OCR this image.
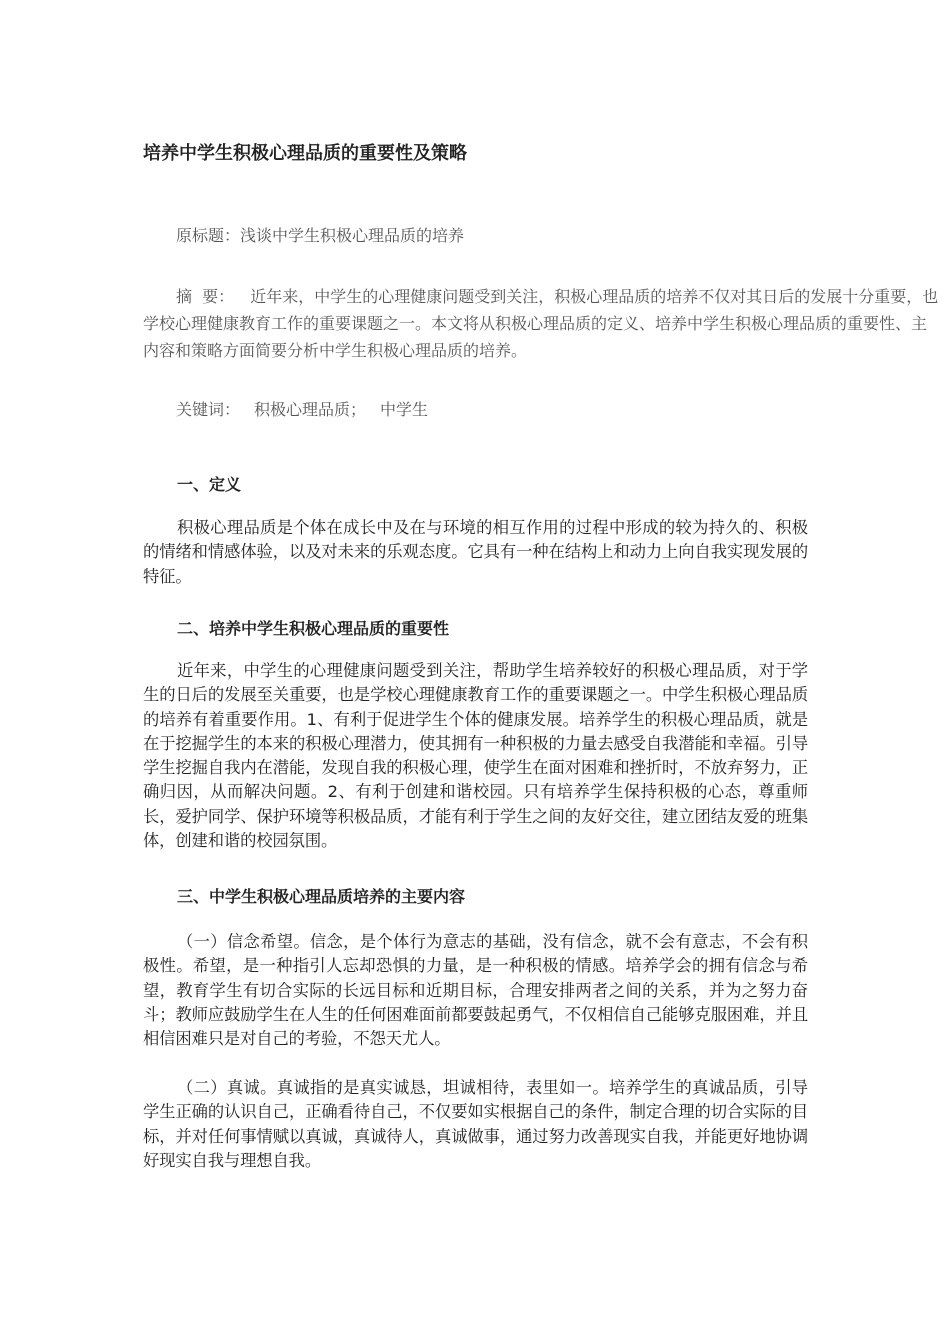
培养中学生积极心理品质的重要性及策略
原标题：浅谈中学生积极心理品质的培养
摘  要： 近年来，中学生的心理健康问题受到关注，积极心理品质的培养不仅对其日后的发展十分重要，也
学校心理健康教育工作的重要课题之一。本文将从积极心理品质的定义、培养中学生积极心理品质的重要性、主
内容和策略方面简要分析中学生积极心理品质的培养。
关键词： 积极心理品质； 中学生
一、定义

积极心理品质是个体在成长中及在与环境的相互作用的过程中形成的较为持久的、积极的情绪和情感体验，以及对未来的乐观态度。它具有一种在结构上和动力上向自我实现发展的特征。

二、培养中学生积极心理品质的重要性

近年来，中学生的心理健康问题受到关注，帮助学生培养较好的积极心理品质，对于学生的日后的发展至关重要，也是学校心理健康教育工作的重要课题之一。中学生积极心理品质的培养有着重要作用。1、有利于促进学生个体的健康发展。培养学生的积极心理品质，就是在于挖掘学生的本来的积极心理潜力，使其拥有一种积极的力量去感受自我潜能和幸福。引导学生挖掘自我内在潜能，发现自我的积极心理，使学生在面对困难和挫折时，不放弃努力，正确归因，从而解决问题。2、有利于创建和谐校园。只有培养学生保持积极的心态，尊重师长，爱护同学、保护环境等积极品质，才能有利于学生之间的友好交往，建立团结友爱的班集体，创建和谐的校园氛围。

三、中学生积极心理品质培养的主要内容

（一）信念希望。信念，是个体行为意志的基础，没有信念，就不会有意志，不会有积极性。希望，是一种指引人忘却恐惧的力量，是一种积极的情感。培养学会的拥有信念与希望，教育学生有切合实际的长远目标和近期目标，合理安排两者之间的关系，并为之努力奋斗；教师应鼓励学生在人生的任何困难面前都要鼓起勇气，不仅相信自己能够克服困难，并且相信困难只是对自己的考验，不怨天尤人。

（二）真诚。真诚指的是真实诚恳，坦诚相待，表里如一。培养学生的真诚品质，引导学生正确的认识自己，正确看待自己，不仅要如实根据自己的条件，制定合理的切合实际的目标，并对任何事情赋以真诚，真诚待人，真诚做事，通过努力改善现实自我，并能更好地协调好现实自我与理想自我。
